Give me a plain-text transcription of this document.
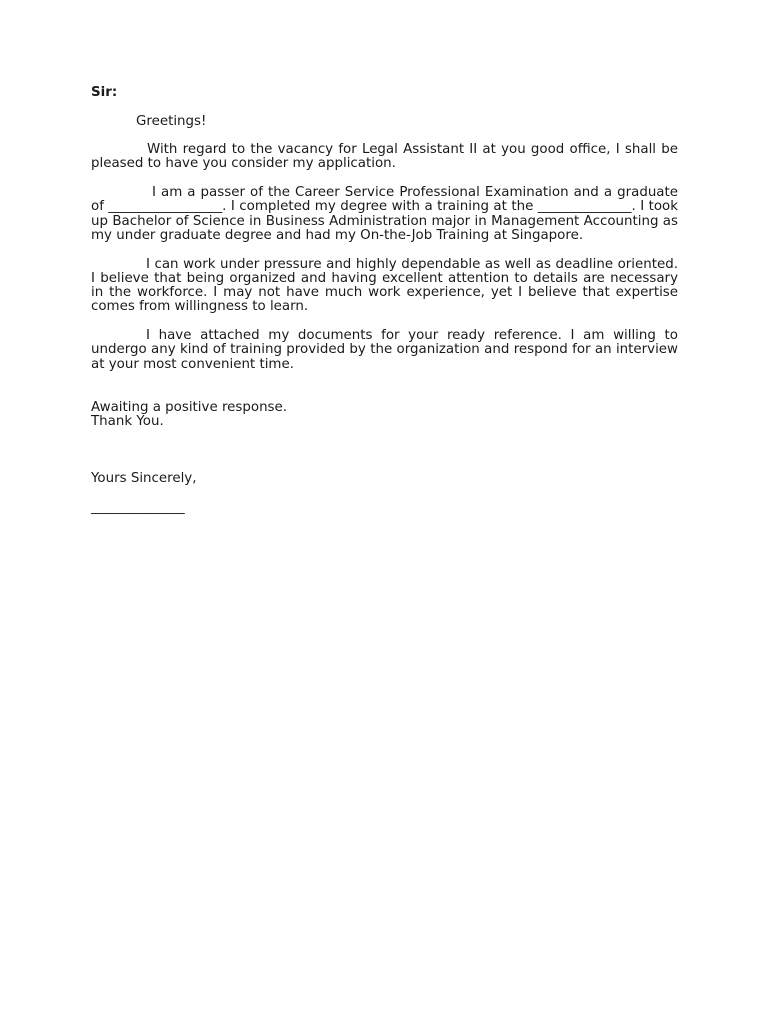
Sir:

Greetings!

With regard to the vacancy for Legal Assistant II at you good office, I shall be pleased to have you consider my application.

I am a passer of the Career Service Professional Examination and a graduate of _________________. I completed my degree with a training at the ______________. I took up Bachelor of Science in Business Administration major in Management Accounting as my under graduate degree and had my On-the-Job Training at Singapore.

I can work under pressure and highly dependable as well as deadline oriented. I believe that being organized and having excellent attention to details are necessary in the workforce. I may not have much work experience, yet I believe that expertise comes from willingness to learn.

I have attached my documents for your ready reference. I am willing to undergo any kind of training provided by the organization and respond for an interview at your most convenient time.

Awaiting a positive response.

Thank You.

Yours Sincerely,

______________
